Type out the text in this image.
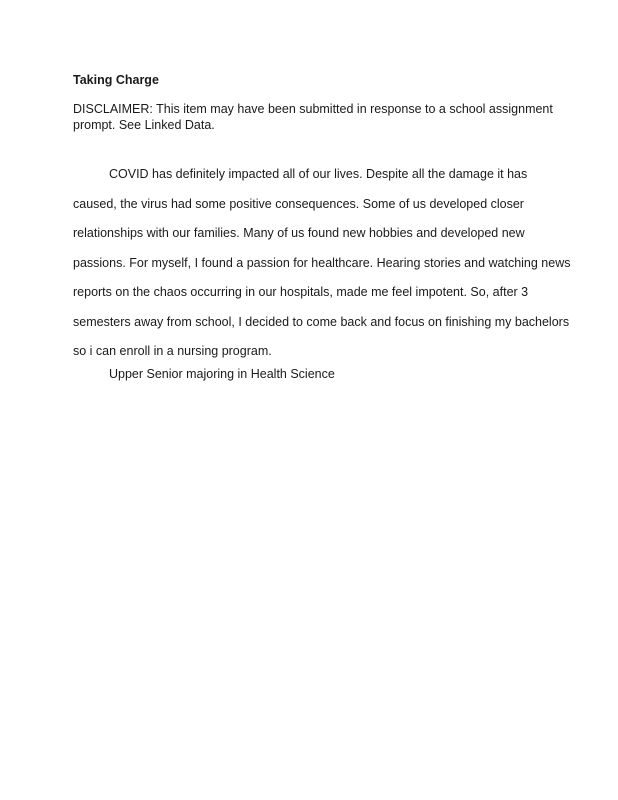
Taking Charge

DISCLAIMER: This item may have been submitted in response to a school assignment prompt. See Linked Data.

COVID has definitely impacted all of our lives. Despite all the damage it has
caused, the virus had some positive consequences. Some of us developed closer
relationships with our families. Many of us found new hobbies and developed new
passions. For myself, I found a passion for healthcare. Hearing stories and watching news
reports on the chaos occurring in our hospitals, made me feel impotent. So, after 3
semesters away from school, I decided to come back and focus on finishing my bachelors
so i can enroll in a nursing program.

Upper Senior majoring in Health Science
